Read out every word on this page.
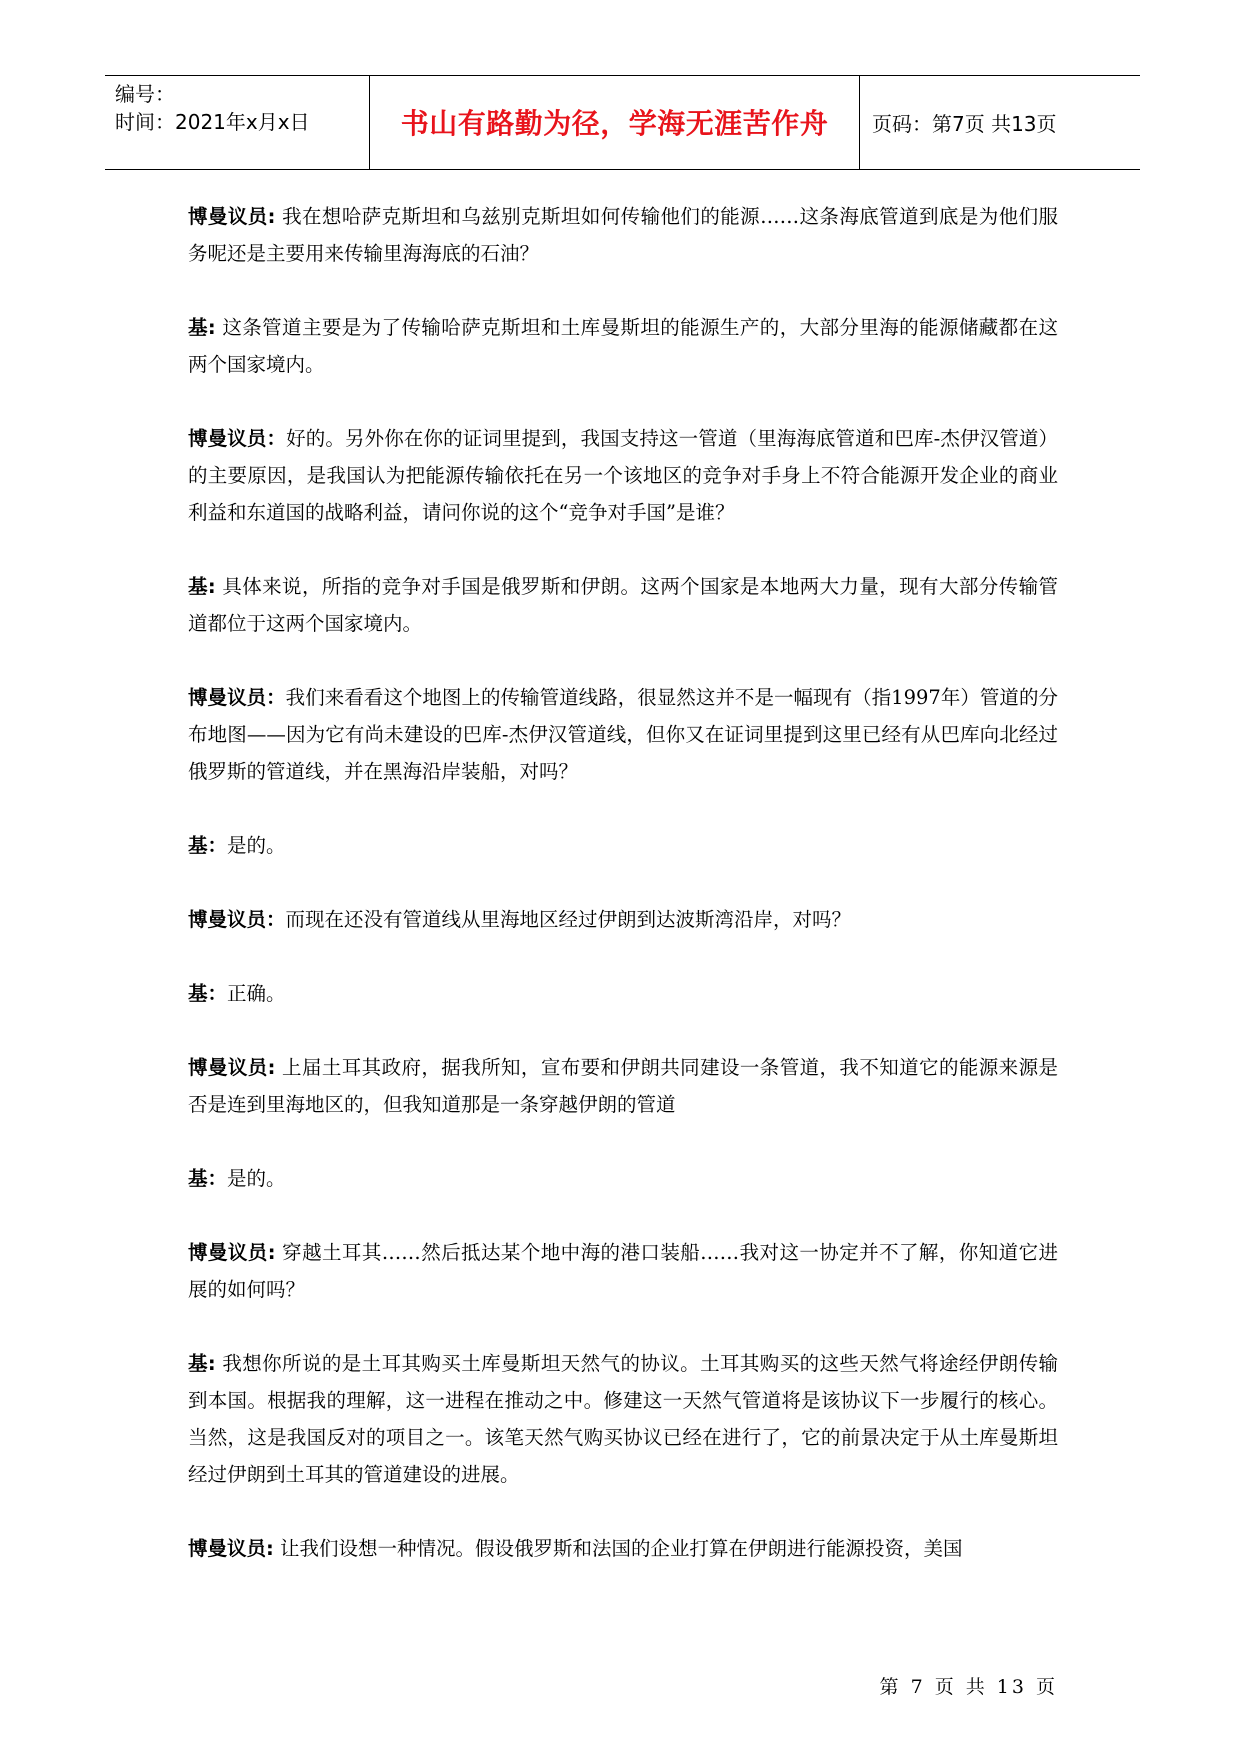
编号：
时间：2021年x月x日	书山有路勤为径，学海无涯苦作舟	页码：第7页 共13页

博曼议员: 我在想哈萨克斯坦和乌兹别克斯坦如何传输他们的能源……这条海底管道到底是为他们服务呢还是主要用来传输里海海底的石油？

基: 这条管道主要是为了传输哈萨克斯坦和土库曼斯坦的能源生产的，大部分里海的能源储藏都在这两个国家境内。

博曼议员：好的。另外你在你的证词里提到，我国支持这一管道（里海海底管道和巴库-杰伊汉管道）的主要原因，是我国认为把能源传输依托在另一个该地区的竞争对手身上不符合能源开发企业的商业利益和东道国的战略利益，请问你说的这个“竞争对手国”是谁？

基: 具体来说，所指的竞争对手国是俄罗斯和伊朗。这两个国家是本地两大力量，现有大部分传输管道都位于这两个国家境内。

博曼议员：我们来看看这个地图上的传输管道线路，很显然这并不是一幅现有（指1997年）管道的分布地图——因为它有尚未建设的巴库-杰伊汉管道线，但你又在证词里提到这里已经有从巴库向北经过俄罗斯的管道线，并在黑海沿岸装船，对吗？

基：是的。

博曼议员：而现在还没有管道线从里海地区经过伊朗到达波斯湾沿岸，对吗？

基：正确。

博曼议员: 上届土耳其政府，据我所知，宣布要和伊朗共同建设一条管道，我不知道它的能源来源是否是连到里海地区的，但我知道那是一条穿越伊朗的管道

基：是的。

博曼议员: 穿越土耳其……然后抵达某个地中海的港口装船……我对这一协定并不了解，你知道它进展的如何吗？

基: 我想你所说的是土耳其购买土库曼斯坦天然气的协议。土耳其购买的这些天然气将途经伊朗传输到本国。根据我的理解，这一进程在推动之中。修建这一天然气管道将是该协议下一步履行的核心。当然，这是我国反对的项目之一。该笔天然气购买协议已经在进行了，它的前景决定于从土库曼斯坦经过伊朗到土耳其的管道建设的进展。

博曼议员: 让我们设想一种情况。假设俄罗斯和法国的企业打算在伊朗进行能源投资，美国

第 7 页 共 13 页
